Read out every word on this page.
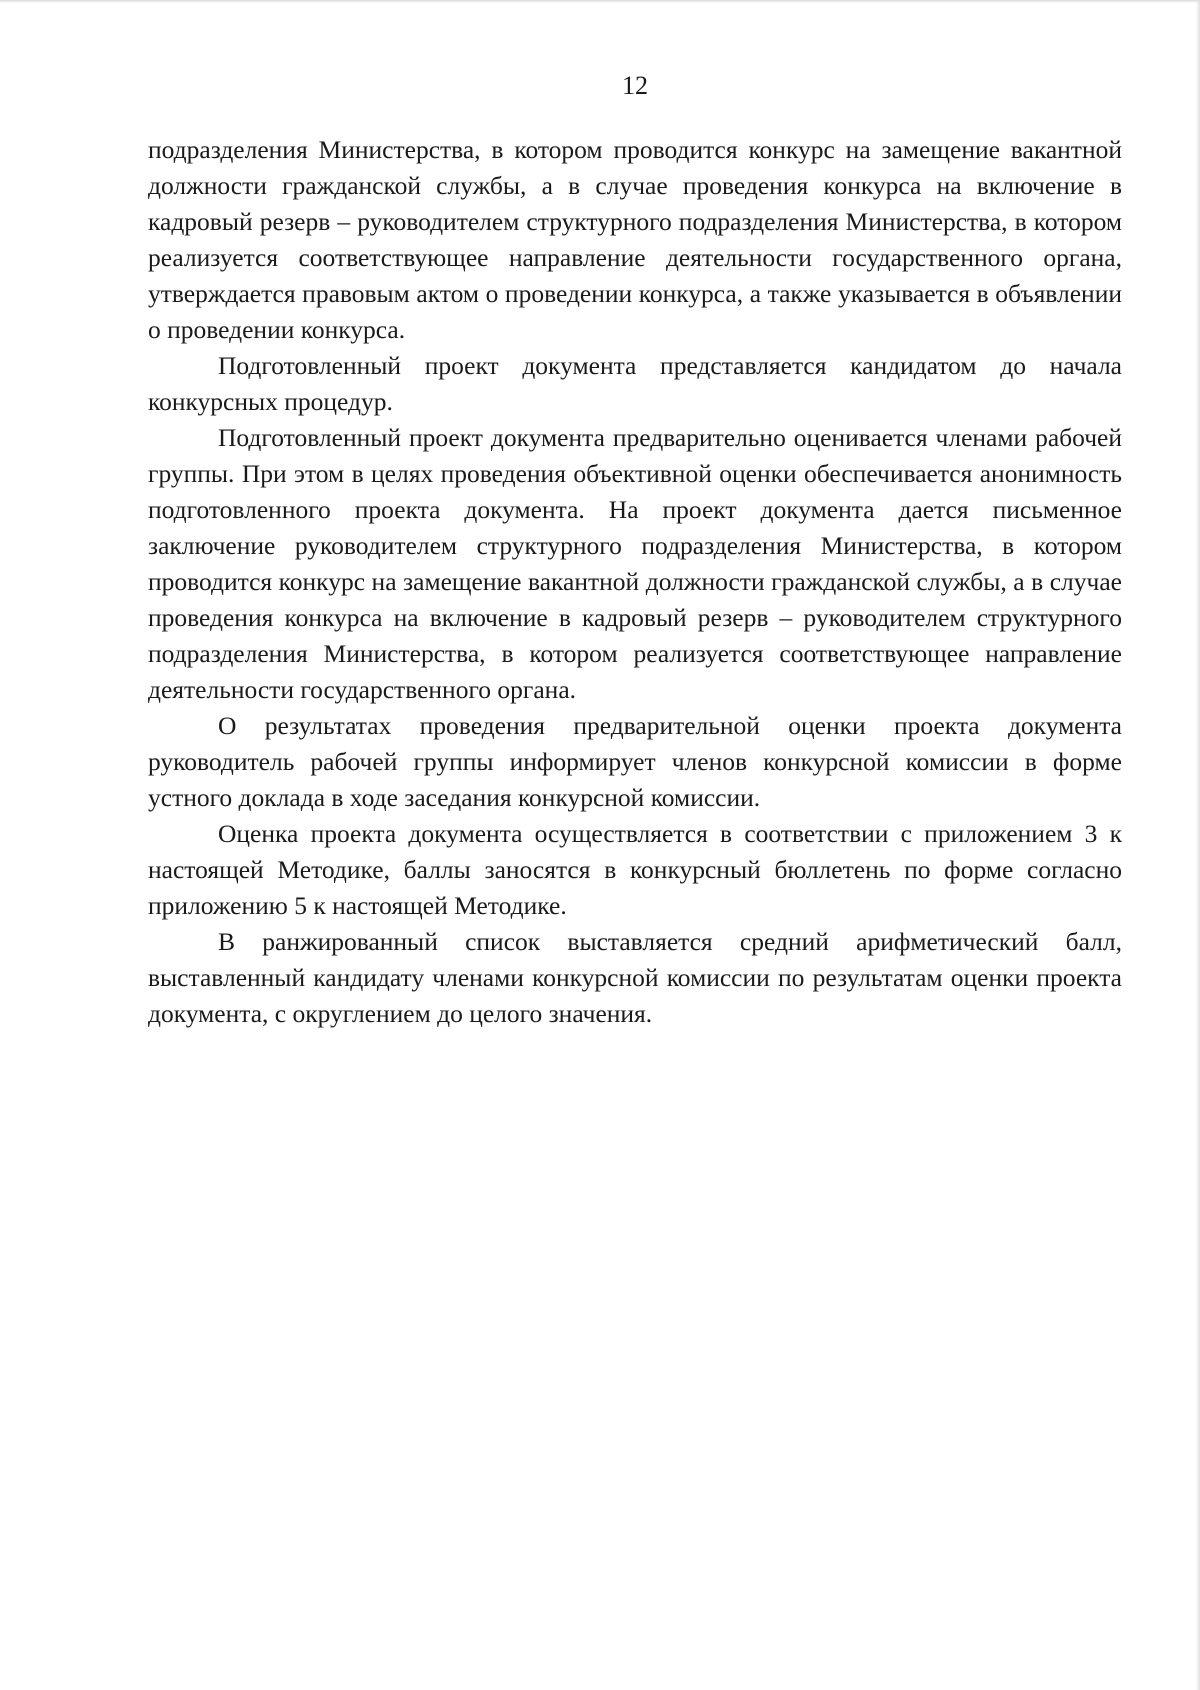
12

подразделения Министерства, в котором проводится конкурс на замещение вакантной должности гражданской службы, а в случае проведения конкурса на включение в кадровый резерв – руководителем структурного подразделения Министерства, в котором реализуется соответствующее направление деятельности государственного органа, утверждается правовым актом о проведении конкурса, а также указывается в объявлении о проведении конкурса.

Подготовленный проект документа представляется кандидатом до начала конкурсных процедур.

Подготовленный проект документа предварительно оценивается членами рабочей группы. При этом в целях проведения объективной оценки обеспечивается анонимность подготовленного проекта документа. На проект документа дается письменное заключение руководителем структурного подразделения Министерства, в котором проводится конкурс на замещение вакантной должности гражданской службы, а в случае проведения конкурса на включение в кадровый резерв – руководителем структурного подразделения Министерства, в котором реализуется соответствующее направление деятельности государственного органа.

О результатах проведения предварительной оценки проекта документа руководитель рабочей группы информирует членов конкурсной комиссии в форме устного доклада в ходе заседания конкурсной комиссии.

Оценка проекта документа осуществляется в соответствии с приложением 3 к настоящей Методике, баллы заносятся в конкурсный бюллетень по форме согласно приложению 5 к настоящей Методике.

В ранжированный список выставляется средний арифметический балл, выставленный кандидату членами конкурсной комиссии по результатам оценки проекта документа, с округлением до целого значения.
